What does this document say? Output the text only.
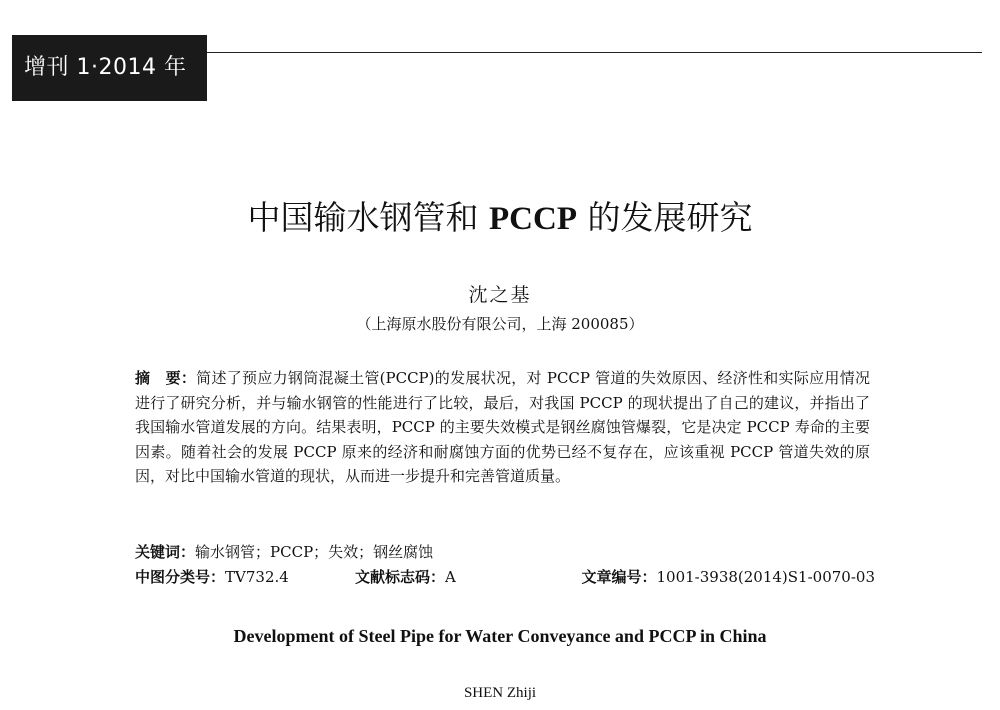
增刊 1·2014 年
中国输水钢管和 PCCP 的发展研究
沈之基
（上海原水股份有限公司，上海 200085）
摘　要：简述了预应力钢筒混凝土管(PCCP)的发展状况，对 PCCP 管道的失效原因、经济性和实际应用情况进行了研究分析，并与输水钢管的性能进行了比较，最后，对我国 PCCP 的现状提出了自己的建议，并指出了我国输水管道发展的方向。结果表明，PCCP 的主要失效模式是钢丝腐蚀管爆裂，它是决定 PCCP 寿命的主要因素。随着社会的发展 PCCP 原来的经济和耐腐蚀方面的优势已经不复存在，应该重视 PCCP 管道失效的原因，对比中国输水管道的现状，从而进一步提升和完善管道质量。
关键词：输水钢管；PCCP；失效；钢丝腐蚀
中图分类号：TV732.4	文献标志码：A	文章编号：1001-3938(2014)S1-0070-03
Development of Steel Pipe for Water Conveyance and PCCP in China
SHEN Zhiji
